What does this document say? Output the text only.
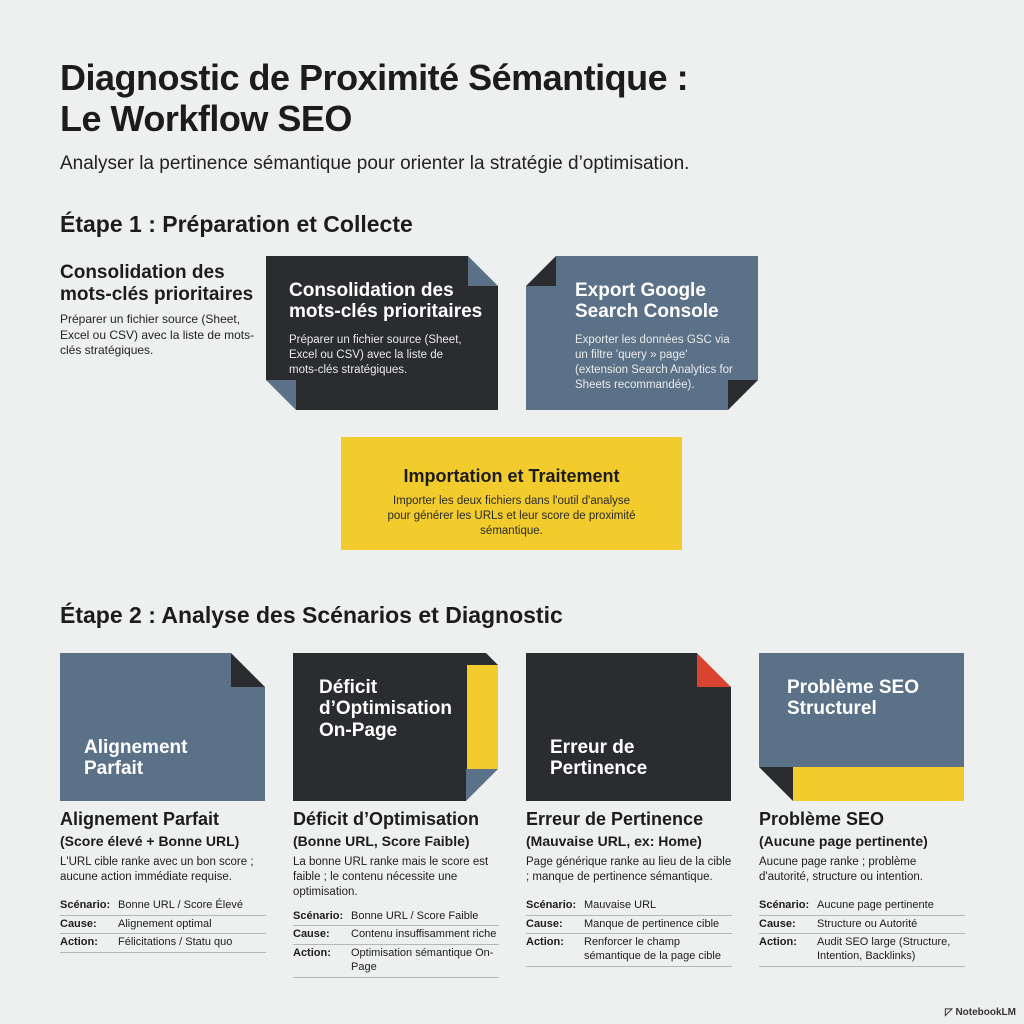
Diagnostic de Proximité Sémantique :
Le Workflow SEO
Analyser la pertinence sémantique pour orienter la stratégie d’optimisation.
Étape 1 : Préparation et Collecte
Consolidation des mots-clés prioritaires
Préparer un fichier source (Sheet, Excel ou CSV) avec la liste de mots-clés stratégiques.
Consolidation des mots-clés prioritaires
Préparer un fichier source (Sheet, Excel ou CSV) avec la liste de mots-clés stratégiques.
Export Google Search Console
Exporter les données GSC via un filtre 'query » page' (extension Search Analytics for Sheets recommandée).
Importation et Traitement
Importer les deux fichiers dans l'outil d'analyse pour générer les URLs et leur score de proximité sémantique.
Étape 2 : Analyse des Scénarios et Diagnostic
Alignement Parfait
Déficit d’Optimisation On-Page
Erreur de Pertinence
Problème SEO Structurel
Alignement Parfait
(Score élevé + Bonne URL)
L'URL cible ranke avec un bon score ; aucune action immédiate requise.
Scénario:	Bonne URL / Score Élevé
Cause:	Alignement optimal
Action:	Félicitations / Statu quo
Déficit d’Optimisation
(Bonne URL, Score Faible)
La bonne URL ranke mais le score est faible ; le contenu nécessite une optimisation.
Scénario:	Bonne URL / Score Faible
Cause:	Contenu insuffisamment riche
Action:	Optimisation sémantique On-Page
Erreur de Pertinence
(Mauvaise URL, ex: Home)
Page générique ranke au lieu de la cible ; manque de pertinence sémantique.
Scénario:	Mauvaise URL
Cause:	Manque de pertinence cible
Action:	Renforcer le champ sémantique de la page cible
Problème SEO
(Aucune page pertinente)
Aucune page ranke ; problème d'autorité, structure ou intention.
Scénario:	Aucune page pertinente
Cause:	Structure ou Autorité
Action:	Audit SEO large (Structure, Intention, Backlinks)
◸ NotebookLM
